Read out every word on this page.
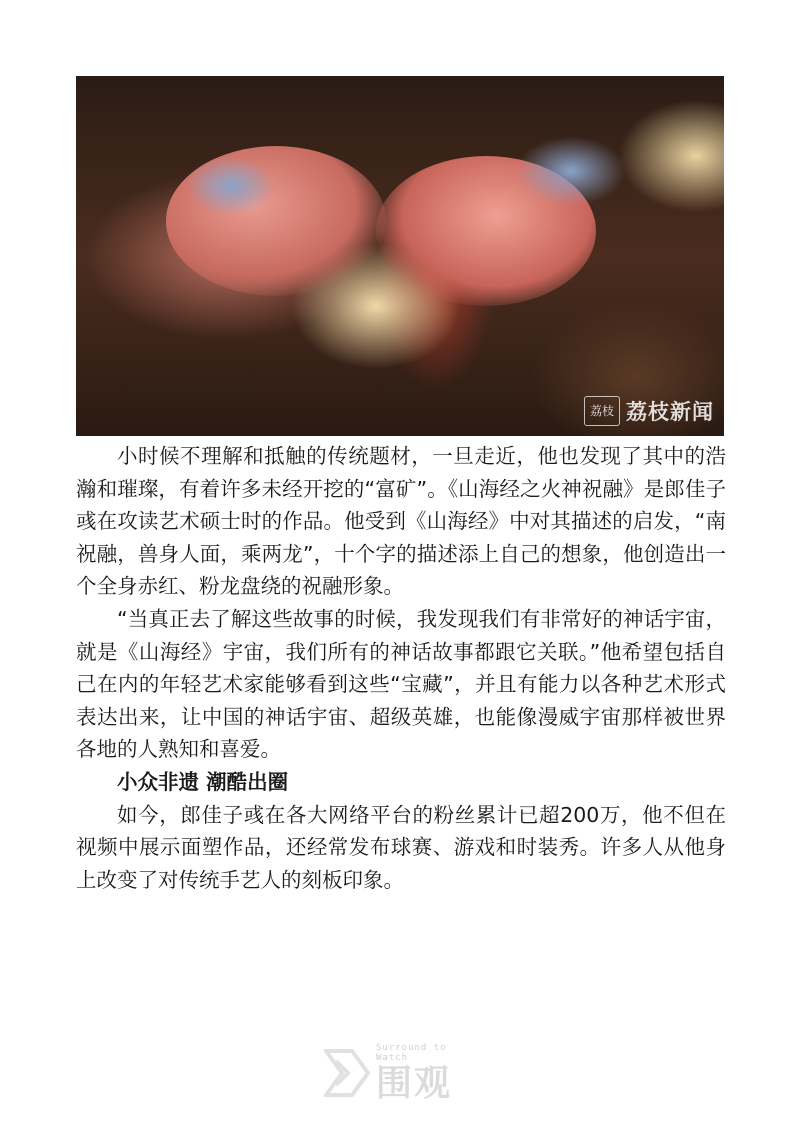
荔枝 荔枝新闻

小时候不理解和抵触的传统题材，一旦走近，他也发现了其中的浩瀚和璀璨，有着许多未经开挖的“富矿”。《山海经之火神祝融》是郎佳子彧在攻读艺术硕士时的作品。他受到《山海经》中对其描述的启发，“南祝融，兽身人面，乘两龙”，十个字的描述添上自己的想象，他创造出一个全身赤红、粉龙盘绕的祝融形象。

“当真正去了解这些故事的时候，我发现我们有非常好的神话宇宙，就是《山海经》宇宙，我们所有的神话故事都跟它关联。”他希望包括自己在内的年轻艺术家能够看到这些“宝藏”，并且有能力以各种艺术形式表达出来，让中国的神话宇宙、超级英雄，也能像漫威宇宙那样被世界各地的人熟知和喜爱。

小众非遗 潮酷出圈

如今，郎佳子彧在各大网络平台的粉丝累计已超200万，他不但在视频中展示面塑作品，还经常发布球赛、游戏和时装秀。许多人从他身上改变了对传统手艺人的刻板印象。

Surround to Watch
围观
